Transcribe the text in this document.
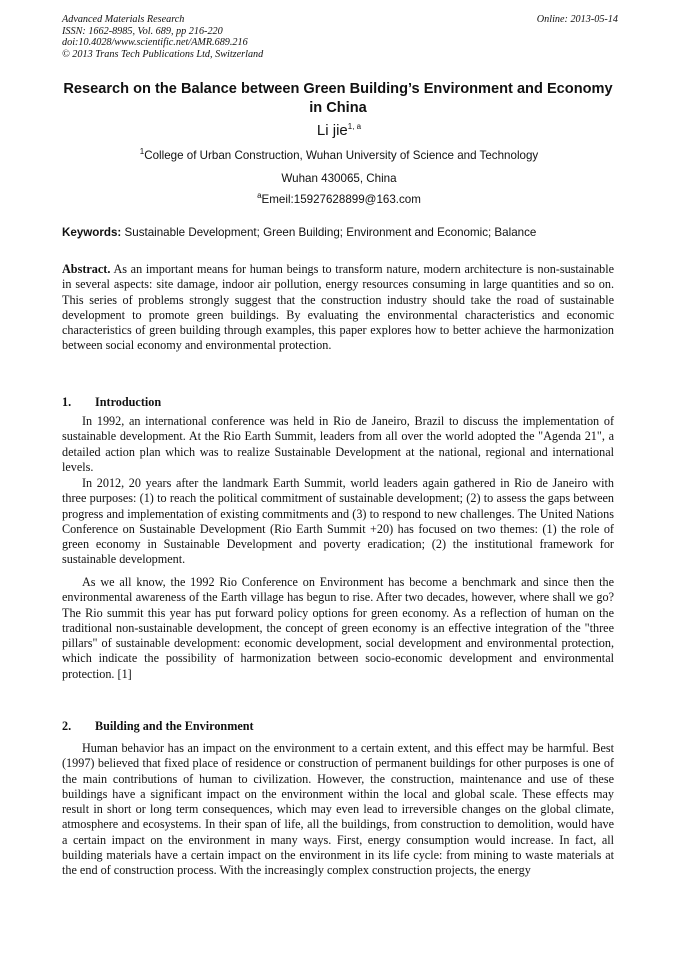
Advanced Materials Research
ISSN: 1662-8985, Vol. 689, pp 216-220
doi:10.4028/www.scientific.net/AMR.689.216
© 2013 Trans Tech Publications Ltd, Switzerland
Online: 2013-05-14
Research on the Balance between Green Building’s Environment and Economy in China
Li jie$^{1, a}$
$^1$College of Urban Construction, Wuhan University of Science and Technology
Wuhan 430065, China
$^a$Emeil:15927628899@163.com
Keywords: Sustainable Development; Green Building; Environment and Economic; Balance
Abstract. As an important means for human beings to transform nature, modern architecture is non-sustainable in several aspects: site damage, indoor air pollution, energy resources consuming in large quantities and so on. This series of problems strongly suggest that the construction industry should take the road of sustainable development to promote green buildings. By evaluating the environmental characteristics and economic characteristics of green building through examples, this paper explores how to better achieve the harmonization between social economy and environmental protection.
1. Introduction
In 1992, an international conference was held in Rio de Janeiro, Brazil to discuss the implementation of sustainable development. At the Rio Earth Summit, leaders from all over the world adopted the "Agenda 21", a detailed action plan which was to realize Sustainable Development at the national, regional and international levels.
In 2012, 20 years after the landmark Earth Summit, world leaders again gathered in Rio de Janeiro with three purposes: (1) to reach the political commitment of sustainable development; (2) to assess the gaps between progress and implementation of existing commitments and (3) to respond to new challenges. The United Nations Conference on Sustainable Development (Rio Earth Summit +20) has focused on two themes: (1) the role of green economy in Sustainable Development and poverty eradication; (2) the institutional framework for sustainable development.
As we all know, the 1992 Rio Conference on Environment has become a benchmark and since then the environmental awareness of the Earth village has begun to rise. After two decades, however, where shall we go? The Rio summit this year has put forward policy options for green economy. As a reflection of human on the traditional non-sustainable development, the concept of green economy is an effective integration of the "three pillars" of sustainable development: economic development, social development and environmental protection, which indicate the possibility of harmonization between socio-economic development and environmental protection. [1]
2. Building and the Environment
Human behavior has an impact on the environment to a certain extent, and this effect may be harmful. Best (1997) believed that fixed place of residence or construction of permanent buildings for other purposes is one of the main contributions of human to civilization. However, the construction, maintenance and use of these buildings have a significant impact on the environment within the local and global scale. These effects may result in short or long term consequences, which may even lead to irreversible changes on the global climate, atmosphere and ecosystems. In their span of life, all the buildings, from construction to demolition, would have a certain impact on the environment in many ways. First, energy consumption would increase. In fact, all building materials have a certain impact on the environment in its life cycle: from mining to waste materials at the end of construction process. With the increasingly complex construction projects, the energy
